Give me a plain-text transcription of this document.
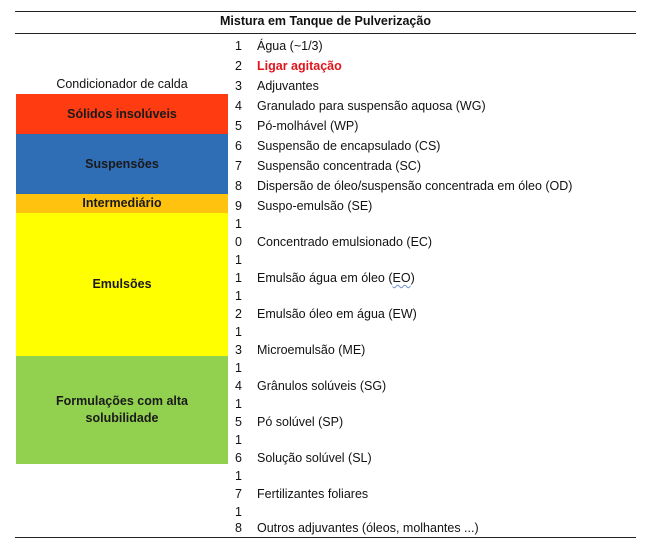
Mistura em Tanque de Pulverização
Condicionador de calda
Sólidos insolúveis
Suspensões
Intermediário
Emulsões
Formulações com alta solubilidade
1
2
3
4
5
6
7
8
9
1
0
1
1
1
2
1
3
1
4
1
5
1
6
1
7
1
8
Água (~1/3)
Ligar agitação
Adjuvantes
Granulado para suspensão aquosa (WG)
Pó-molhável (WP)
Suspensão de encapsulado (CS)
Suspensão concentrada (SC)
Dispersão de óleo/suspensão concentrada em óleo (OD)
Suspo-emulsão (SE)
Concentrado emulsionado (EC)
Emulsão água em óleo (EO)
Emulsão óleo em água (EW)
Microemulsão (ME)
Grânulos solúveis (SG)
Pó solúvel (SP)
Solução solúvel (SL)
Fertilizantes foliares
Outros adjuvantes (óleos, molhantes ...)
